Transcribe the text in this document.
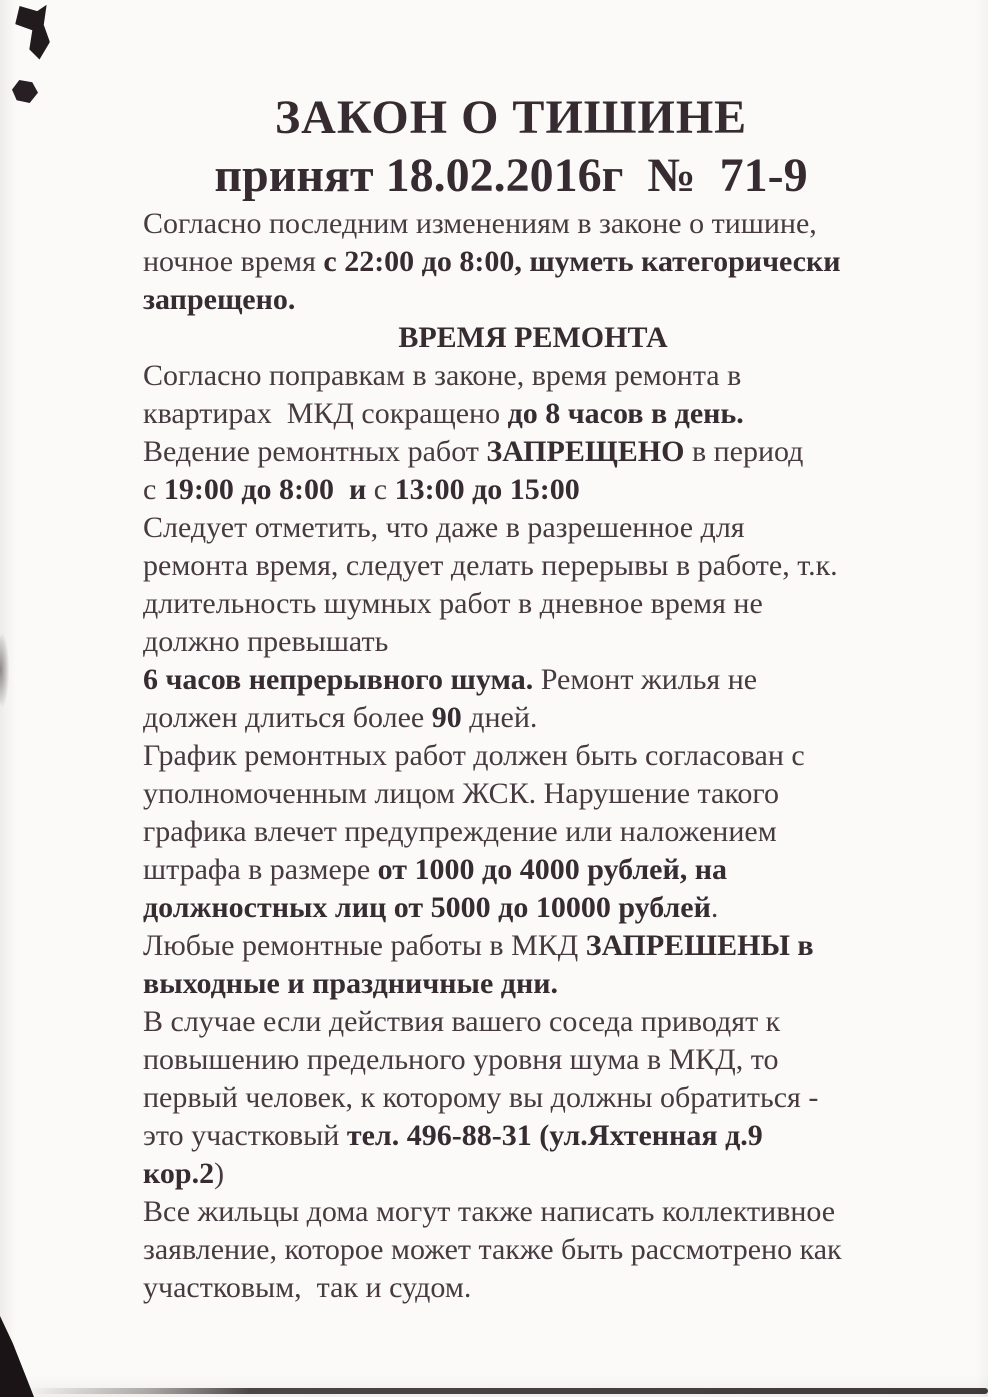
ЗАКОН О ТИШИНЕ
принят 18.02.2016г  №  71-9
Согласно последним изменениям в законе о тишине,
ночное время с 22:00 до 8:00, шуметь категорически
запрещено.
ВРЕМЯ РЕМОНТА
Согласно поправкам в законе, время ремонта в
квартирах  МКД сокращено до 8 часов в день.
Ведение ремонтных работ ЗАПРЕЩЕНО в период
с 19:00 до 8:00  и с 13:00 до 15:00
Следует отметить, что даже в разрешенное для
ремонта время, следует делать перерывы в работе, т.к.
длительность шумных работ в дневное время не
должно превышать
6 часов непрерывного шума. Ремонт жилья не
должен длиться более 90 дней.
График ремонтных работ должен быть согласован с
уполномоченным лицом ЖСК. Нарушение такого
графика влечет предупреждение или наложением
штрафа в размере от 1000 до 4000 рублей, на
должностных лиц от 5000 до 10000 рублей.
Любые ремонтные работы в МКД ЗАПРЕШЕНЫ в
выходные и праздничные дни.
В случае если действия вашего соседа приводят к
повышению предельного уровня шума в МКД, то
первый человек, к которому вы должны обратиться -
это участковый тел. 496-88-31 (ул.Яхтенная д.9
кор.2)
Все жильцы дома могут также написать коллективное
заявление, которое может также быть рассмотрено как
участковым,  так и судом.
